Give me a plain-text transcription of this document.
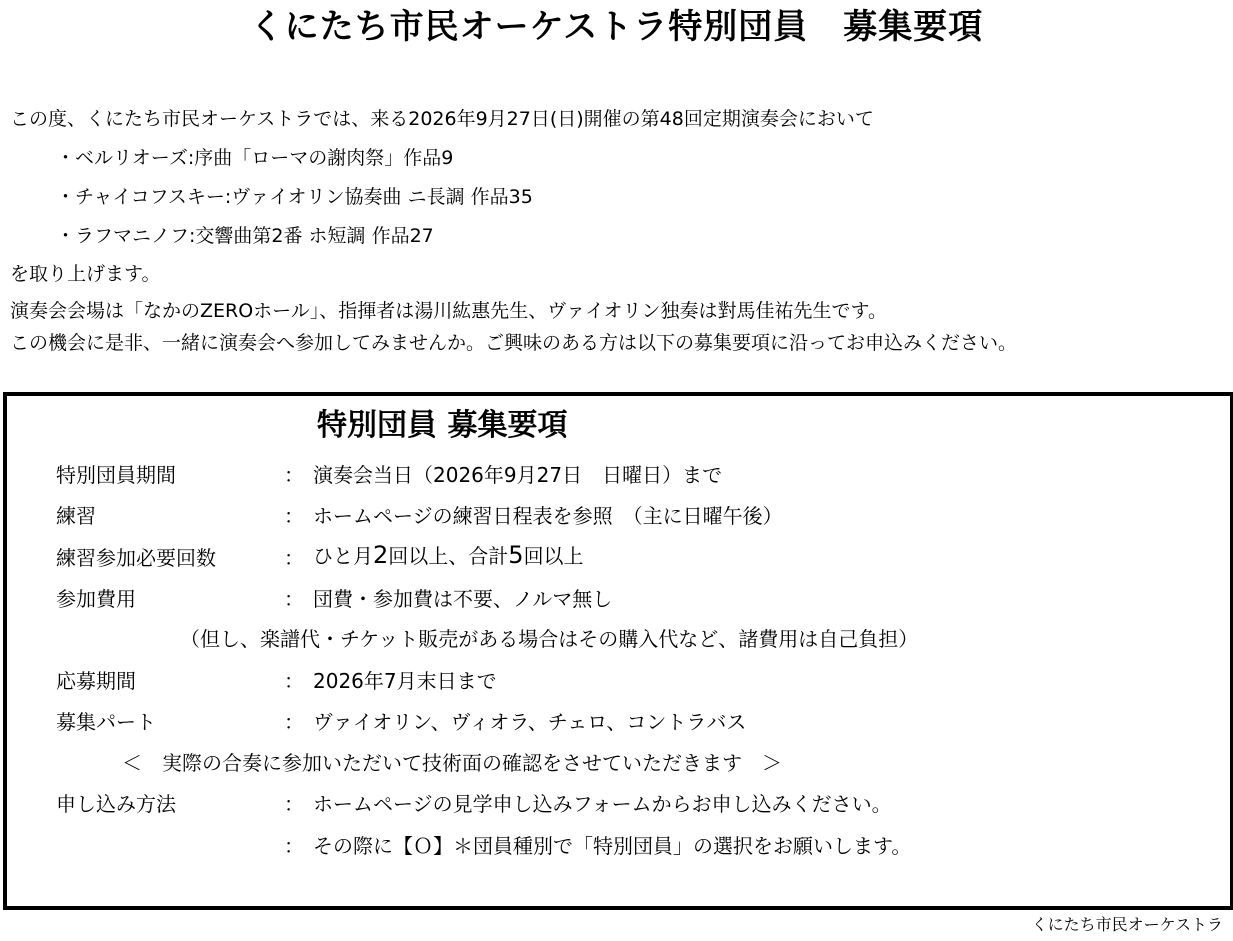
くにたち市民オーケストラ特別団員　募集要項
この度、くにたち市民オーケストラでは、来る2026年9月27日(日)開催の第48回定期演奏会において
・ベルリオーズ:序曲「ローマの謝肉祭」作品9
・チャイコフスキー:ヴァイオリン協奏曲 ニ長調 作品35
・ラフマニノフ:交響曲第2番 ホ短調 作品27
を取り上げます。
演奏会会場は「なかのZEROホール」、指揮者は湯川紘惠先生、ヴァイオリン独奏は對馬佳祐先生です。
この機会に是非、一緒に演奏会へ参加してみませんか。ご興味のある方は以下の募集要項に沿ってお申込みください。
特別団員 募集要項
特別団員期間	： 演奏会当日（2026年9月27日　日曜日）まで
練習	： ホームページの練習日程表を参照　（主に日曜午後）
練習参加必要回数	： ひと月2回以上、合計5回以上
参加費用	： 団費・参加費は不要、ノルマ無し
（但し、楽譜代・チケット販売がある場合はその購入代など、諸費用は自己負担）
応募期間	： 2026年7月末日まで
募集パート	： ヴァイオリン、ヴィオラ、チェロ、コントラバス
＜　実際の合奏に参加いただいて技術面の確認をさせていただきます　＞
申し込み方法	： ホームページの見学申し込みフォームからお申し込みください。
： その際に【Ｏ】＊団員種別で「特別団員」の選択をお願いします。
くにたち市民オーケストラ
